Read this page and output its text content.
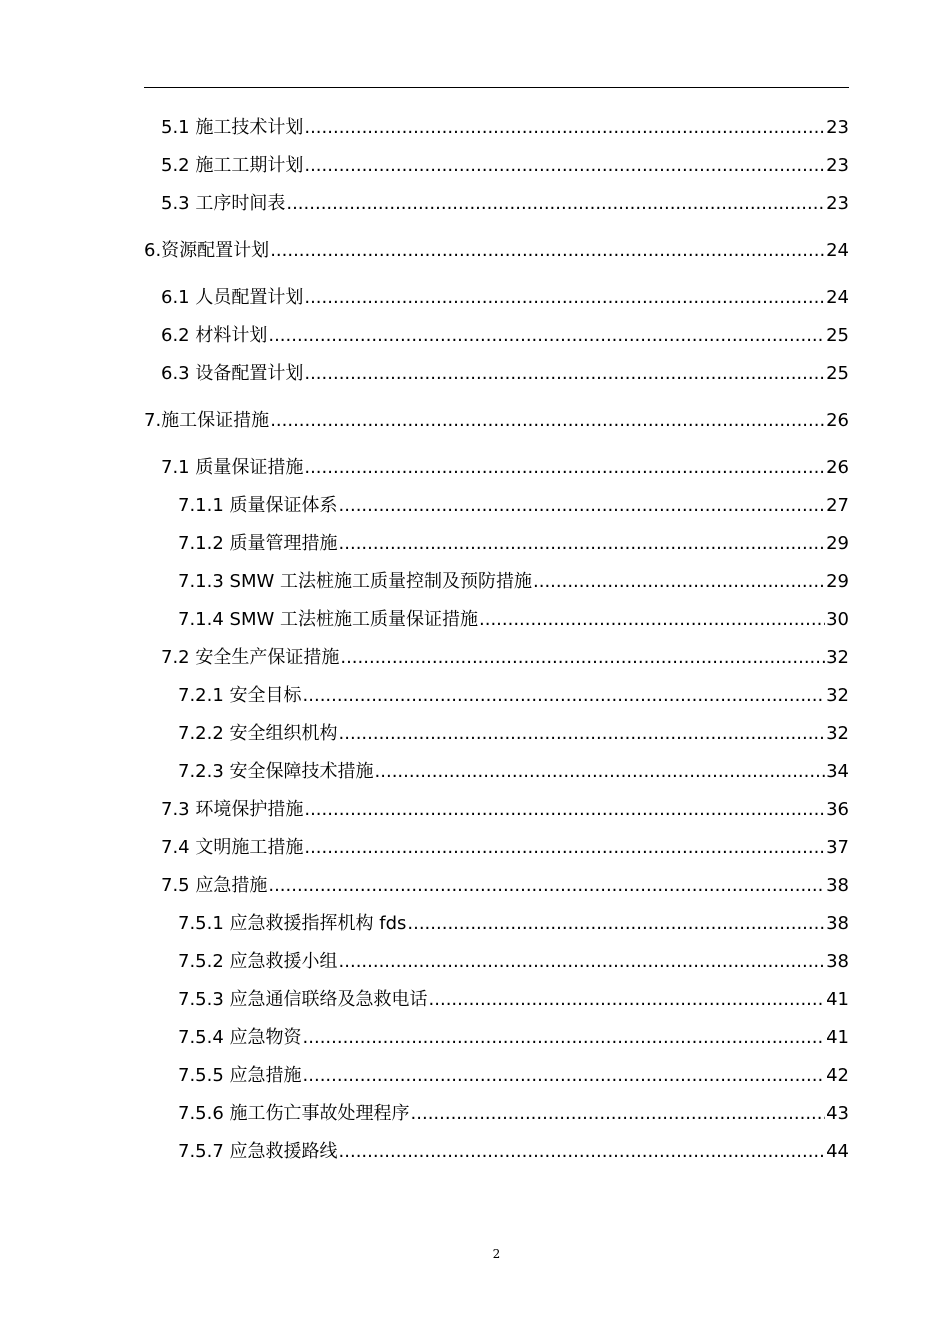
5.1 施工技术计划 .....	23
5.2 施工工期计划 .....	23
5.3 工序时间表 .....	23
6.资源配置计划 .....	24
6.1 人员配置计划 .....	24
6.2 材料计划 .....	25
6.3 设备配置计划 .....	25
7.施工保证措施 .....	26
7.1 质量保证措施 .....	26
7.1.1 质量保证体系 .....	27
7.1.2 质量管理措施 .....	29
7.1.3 SMW 工法桩施工质量控制及预防措施 .....	29
7.1.4 SMW 工法桩施工质量保证措施 .....	30
7.2 安全生产保证措施 .....	32
7.2.1 安全目标 .....	32
7.2.2 安全组织机构 .....	32
7.2.3 安全保障技术措施 .....	34
7.3 环境保护措施 .....	36
7.4 文明施工措施 .....	37
7.5 应急措施 .....	38
7.5.1 应急救援指挥机构 fds .....	38
7.5.2 应急救援小组 .....	38
7.5.3 应急通信联络及急救电话 .....	41
7.5.4 应急物资 .....	41
7.5.5 应急措施 .....	42
7.5.6 施工伤亡事故处理程序 .....	43
7.5.7 应急救援路线 .....	44
2
